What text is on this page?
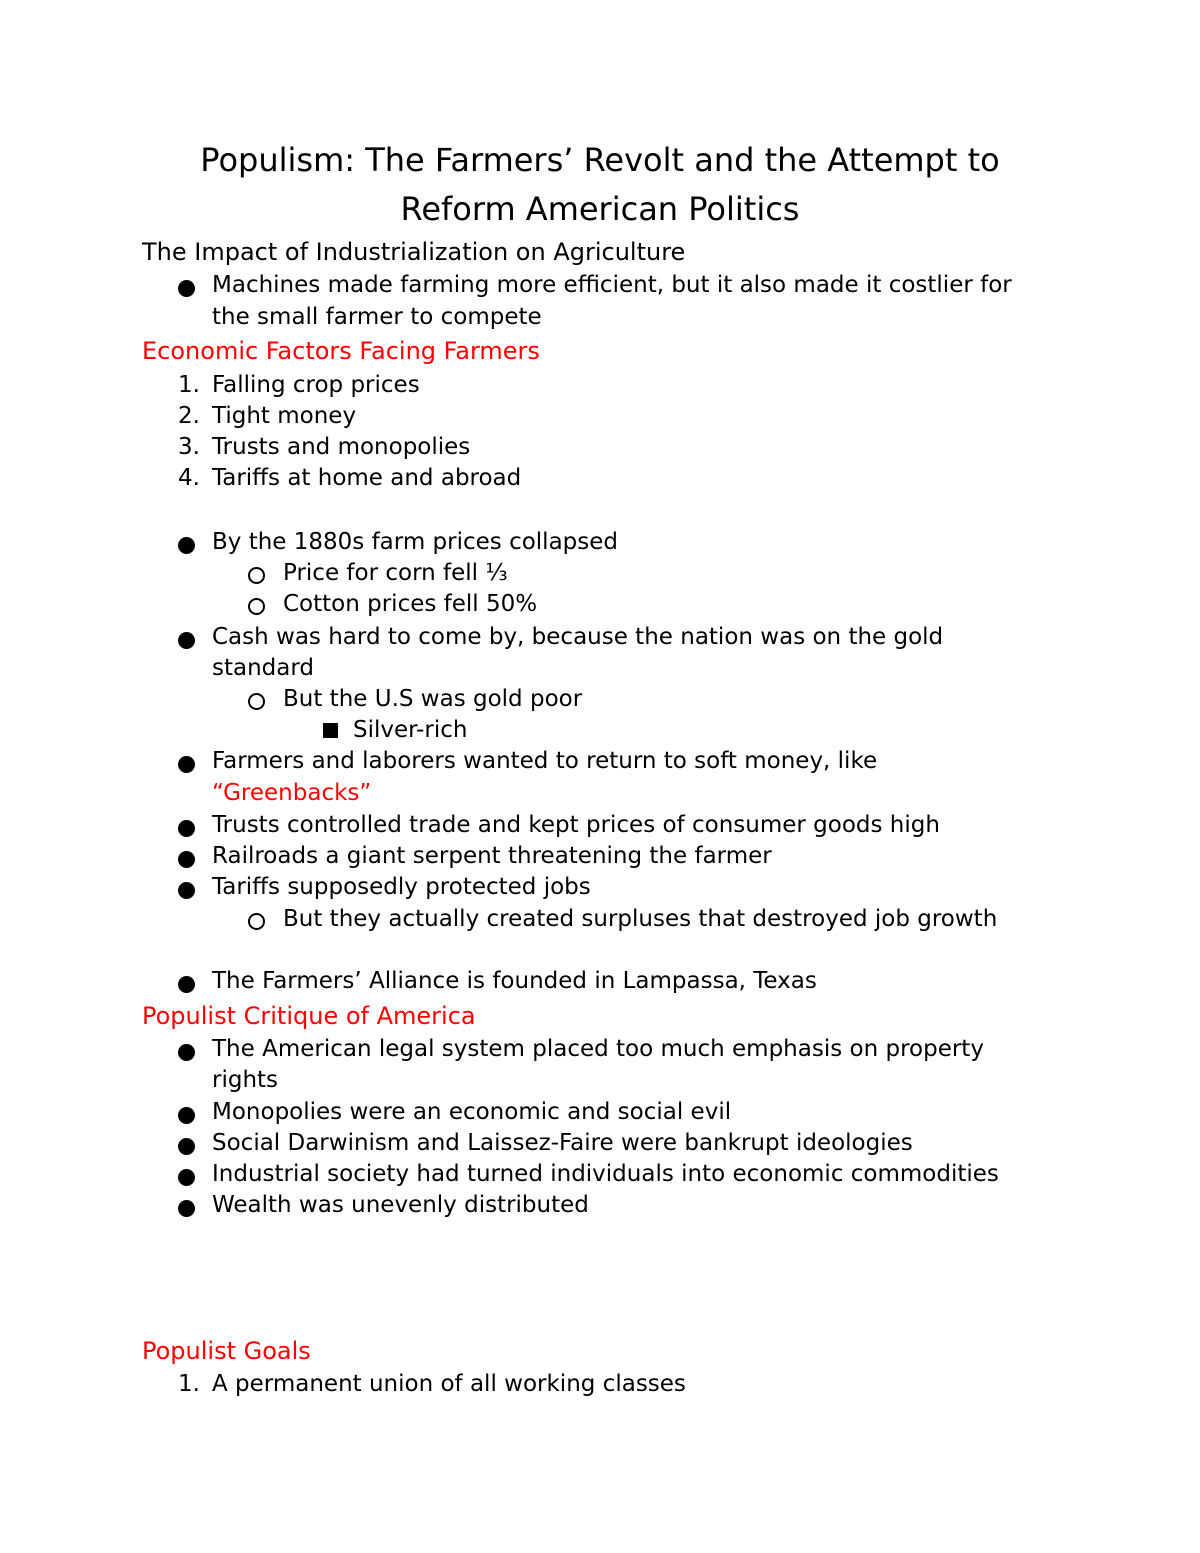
Populism: The Farmers’ Revolt and the Attempt to
Reform American Politics
The Impact of Industrialization on Agriculture
Machines made farming more efficient, but it also made it costlier for
the small farmer to compete
Economic Factors Facing Farmers
1. Falling crop prices
2. Tight money
3. Trusts and monopolies
4. Tariffs at home and abroad
By the 1880s farm prices collapsed
Price for corn fell ⅓
Cotton prices fell 50%
Cash was hard to come by, because the nation was on the gold
standard
But the U.S was gold poor
Silver-rich
Farmers and laborers wanted to return to soft money, like
“Greenbacks”
Trusts controlled trade and kept prices of consumer goods high
Railroads a giant serpent threatening the farmer
Tariffs supposedly protected jobs
But they actually created surpluses that destroyed job growth
The Farmers’ Alliance is founded in Lampassa, Texas
Populist Critique of America
The American legal system placed too much emphasis on property
rights
Monopolies were an economic and social evil
Social Darwinism and Laissez-Faire were bankrupt ideologies
Industrial society had turned individuals into economic commodities
Wealth was unevenly distributed
Populist Goals
1. A permanent union of all working classes
